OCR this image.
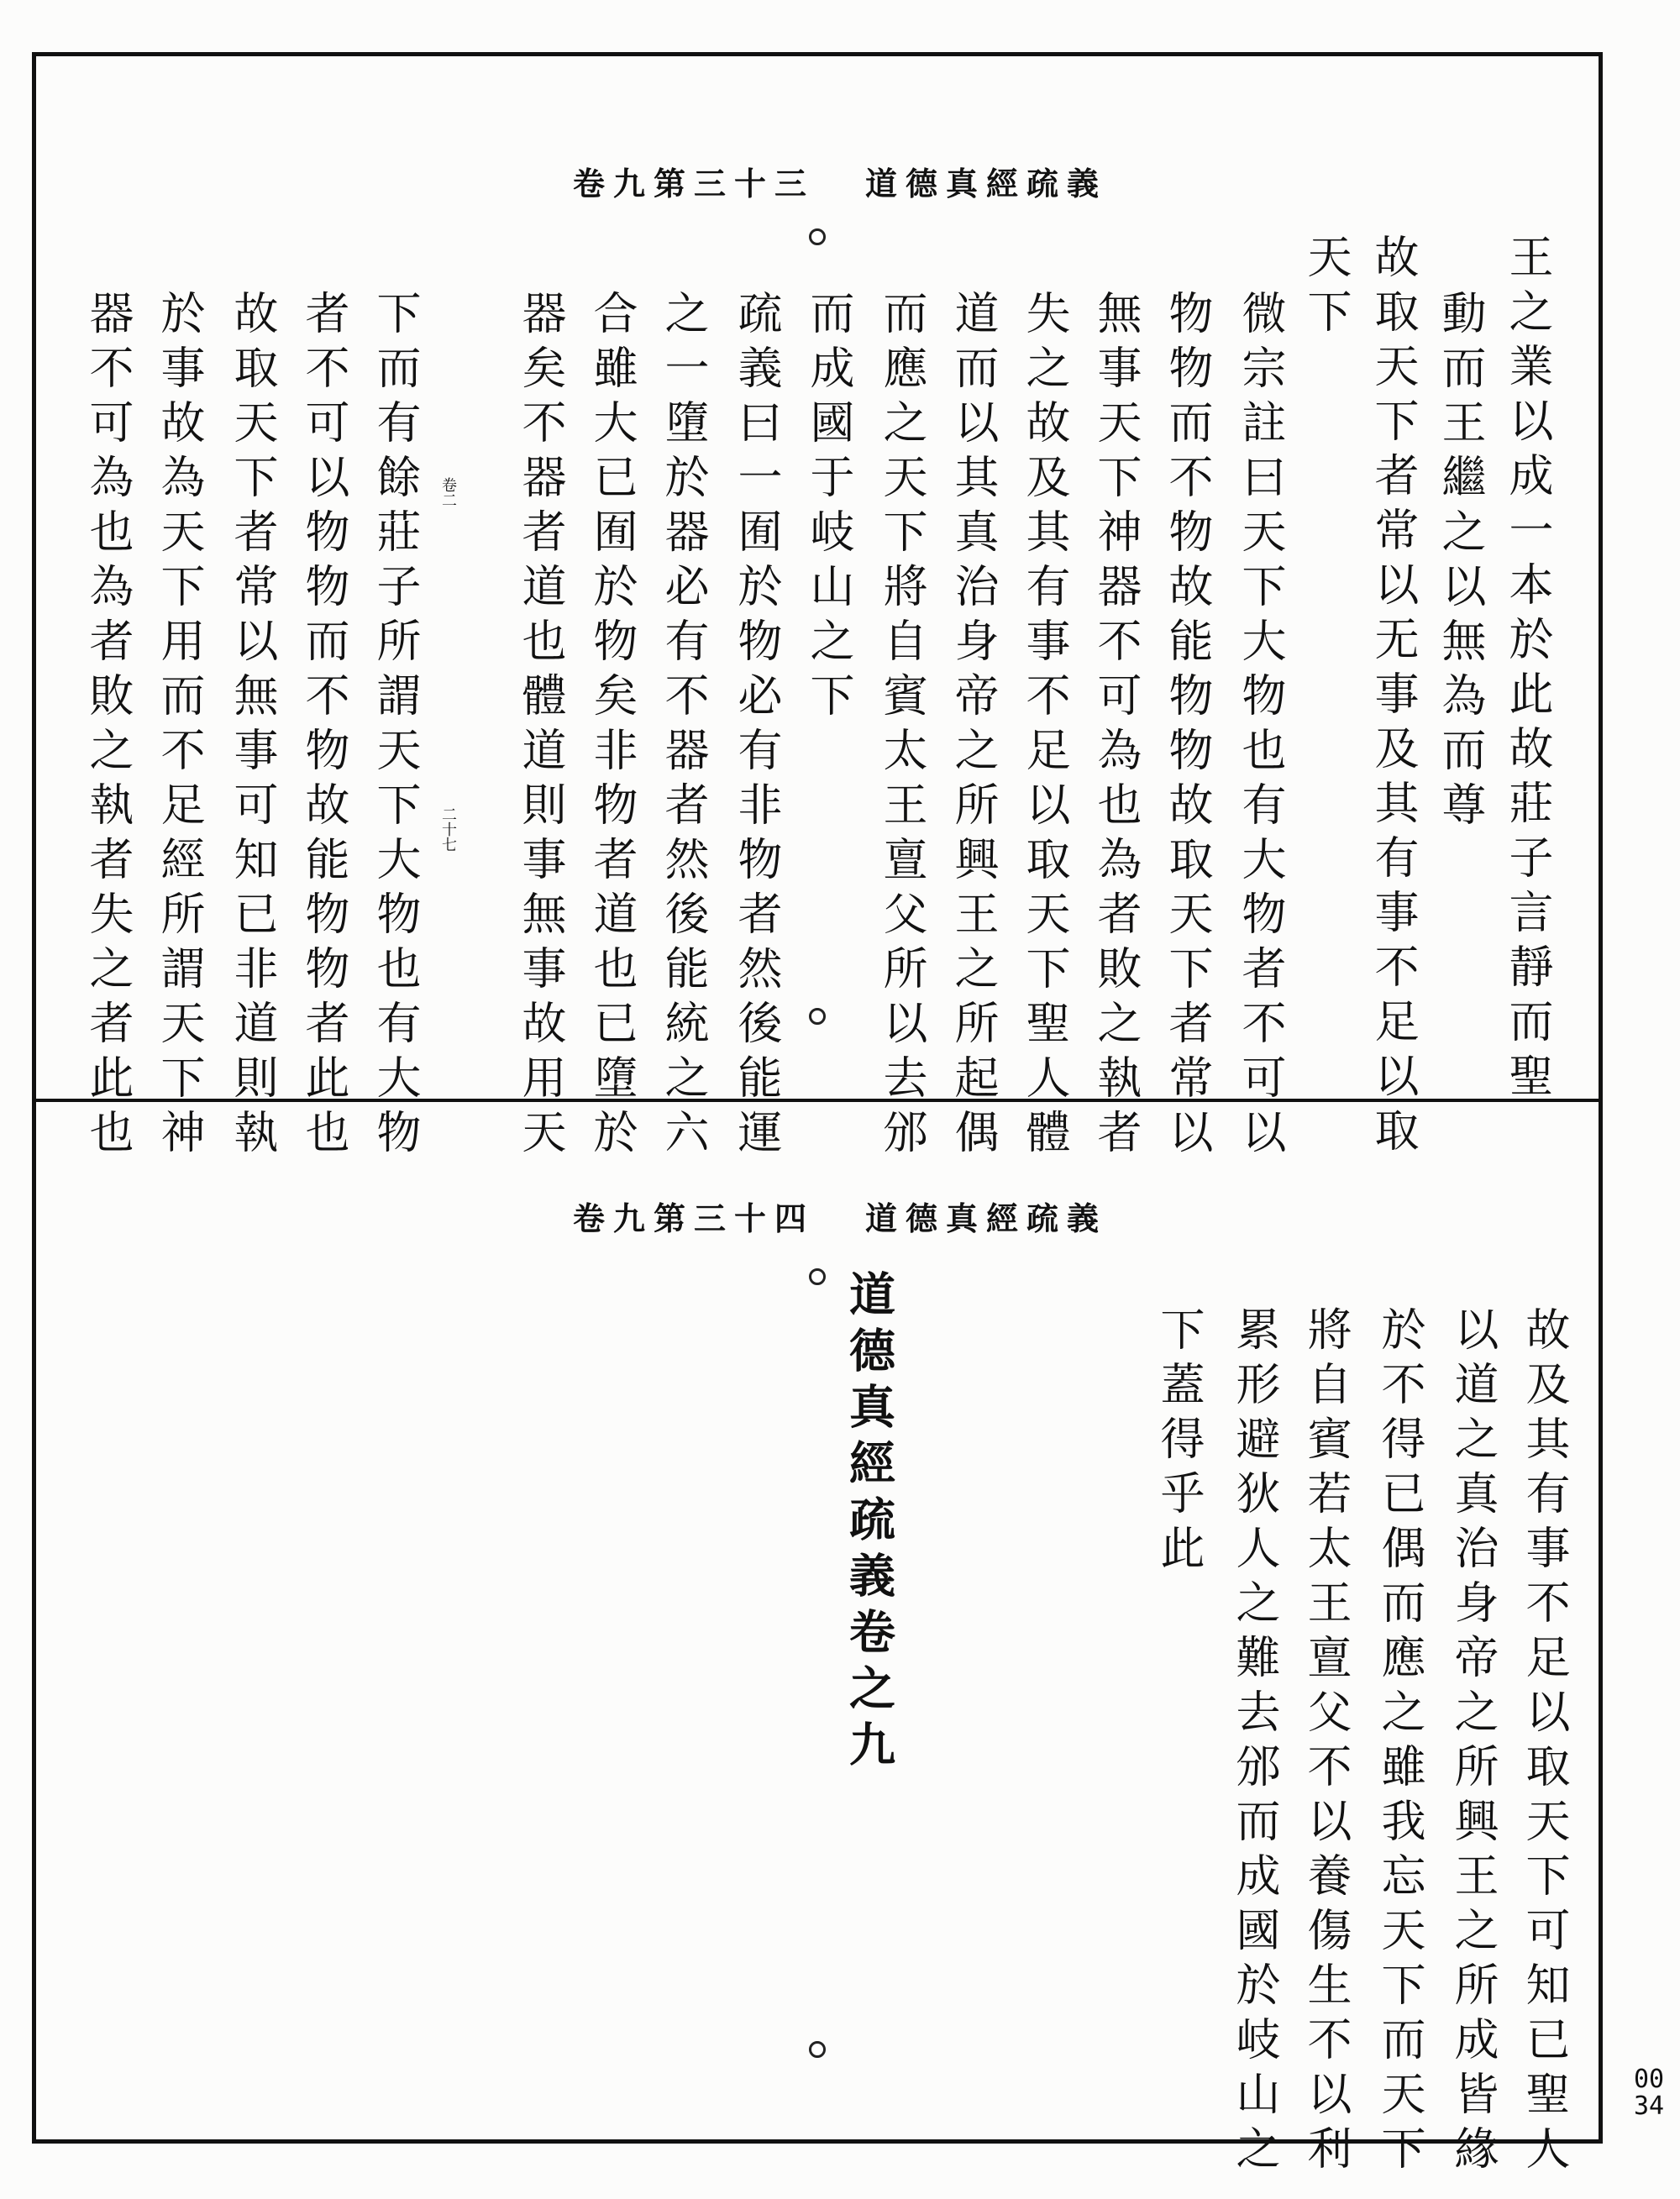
卷九第三十三 道德真經疏義
王之業以成一本於此故莊子言靜而聖
動而王繼之以無為而尊
故取天下者常以无事及其有事不足以取
天下
微宗註曰天下大物也有大物者不可以
物物而不物故能物物故取天下者常以
無事天下神器不可為也為者敗之執者
失之故及其有事不足以取天下聖人體
道而以其真治身帝之所興王之所起偶
而應之天下將自賓太王亶父所以去邠
而成國于岐山之下
疏義曰一囿於物必有非物者然後能運
之一墮於器必有不器者然後能統之六
合雖大已囿於物矣非物者道也已墮於
器矣不器者道也體道則事無事故用天
下而有餘莊子所謂天下大物也有大物
者不可以物物而不物故能物物者此也
故取天下者常以無事可知已非道則執
於事故為天下用而不足經所謂天下神
器不可為也為者敗之執者失之者此也	卷二
二十七
卷九第三十四 道德真經疏義
故及其有事不足以取天下可知已聖人
以道之真治身帝之所興王之所成皆緣
於不得已偶而應之雖我忘天下而天下
將自賓若太王亶父不以養傷生不以利
累形避狄人之難去邠而成國於岐山之
下蓋得乎此
道德真經疏義卷之九
0034
